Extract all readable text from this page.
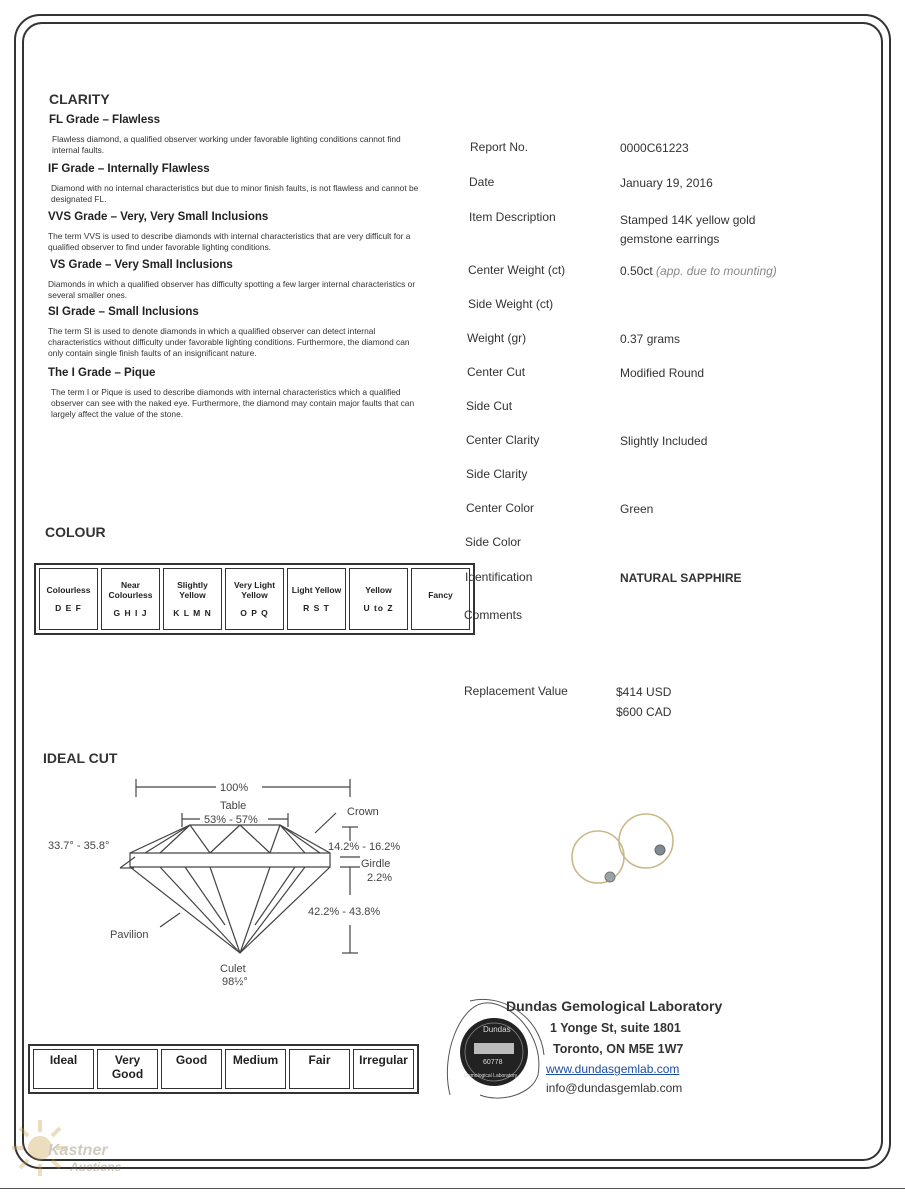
CLARITY
FL Grade – Flawless
Flawless diamond, a qualified observer working under favorable lighting conditions cannot find internal faults.
IF Grade – Internally Flawless
Diamond with no internal characteristics but due to minor finish faults, is not flawless and cannot be designated FL.
VVS Grade – Very, Very Small Inclusions
The term VVS is used to describe diamonds with internal characteristics that are very difficult for a qualified observer to find under favorable lighting conditions.
VS Grade – Very Small Inclusions
Diamonds in which a qualified observer has difficulty spotting a few larger internal characteristics or several smaller ones.
SI Grade – Small Inclusions
The term SI is used to denote diamonds in which a qualified observer can detect internal characteristics without difficulty under favorable lighting conditions. Furthermore, the diamond can only contain single finish faults of an insignificant nature.
The I Grade – Pique
The term I or Pique is used to describe diamonds with internal characteristics which a qualified observer can see with the naked eye. Furthermore, the diamond may contain major faults that can largely affect the value of the stone.
COLOUR
Colourless
D E F
	Near Colourless
G H I J
	Slightly Yellow
K L M N
	Very Light Yellow
O P Q
	Light Yellow
R S T
	Yellow
U to Z
	Fancy
IDEAL CUT
100%
Table
53% - 57%
Crown
33.7° - 35.8°	14.2% - 16.2%
Girdle
2.2%
42.2% - 43.8%
Pavilion
Culet
98½°
Ideal	Very Good	Good	Medium	Fair	Irregular
Report No.	0000C61223
Date	January 19, 2016
Item Description	Stamped 14K yellow gold gemstone earrings
Center Weight (ct)	0.50ct (app. due to mounting)
Side Weight (ct)
Weight (gr)	0.37 grams
Center Cut	Modified Round
Side Cut
Center Clarity	Slightly Included
Side Clarity
Center Color	Green
Side Color
Identification	NATURAL SAPPHIRE
Comments
Replacement Value	$414 USD
$600 CAD
Dundas
60778
Gemological Laboratory
Dundas Gemological Laboratory
1 Yonge St, suite 1801
Toronto, ON M5E 1W7
www.dundasgemlab.com
info@dundasgemlab.com
Kastner
Auctions
